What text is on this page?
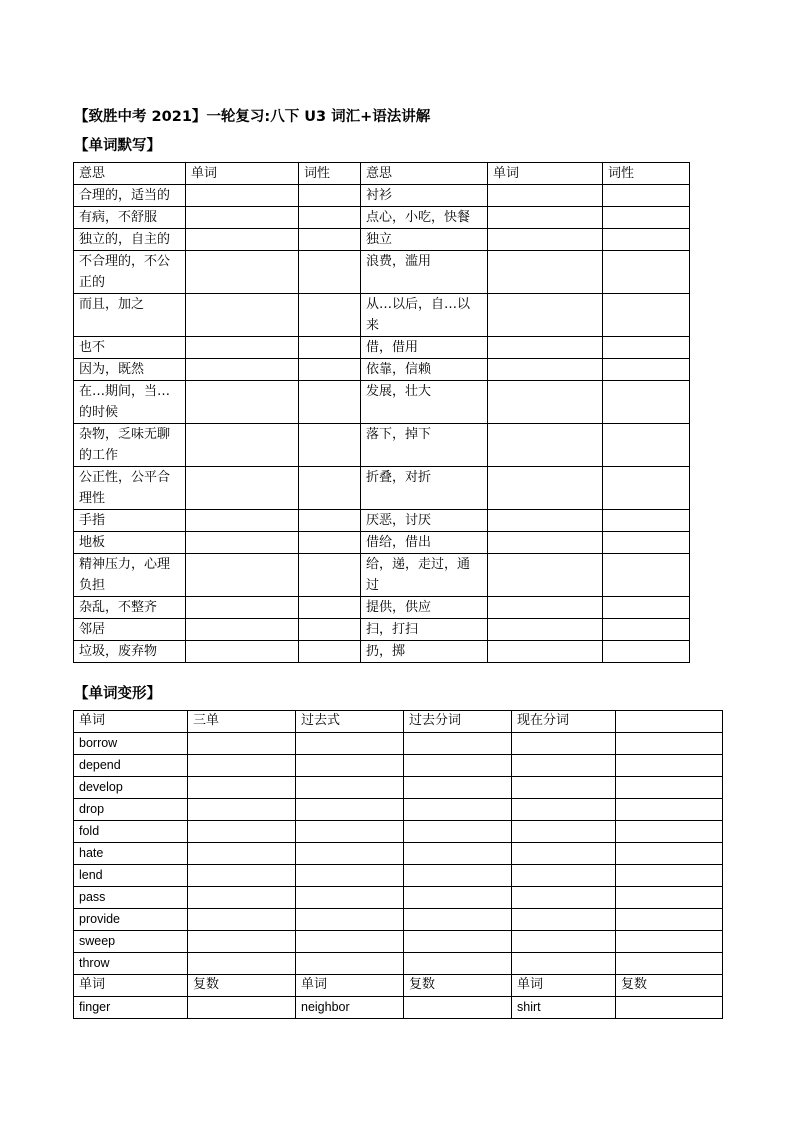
【致胜中考 2021】一轮复习:八下 U3 词汇+语法讲解
【单词默写】
意思	单词	词性	意思	单词	词性
合理的，适当的			衬衫		
有病，不舒服			点心，小吃，快餐		
独立的，自主的			独立		
不合理的，不公正的			浪费，滥用		
而且，加之			从…以后，自…以来		
也不			借，借用		
因为，既然			依靠，信赖		
在…期间，当…的时候			发展，壮大		
杂物，乏味无聊的工作			落下，掉下		
公正性，公平合理性			折叠，对折		
手指			厌恶，讨厌		
地板			借给，借出		
精神压力，心理负担			给，递，走过，通过		
杂乱，不整齐			提供，供应		
邻居			扫，打扫		
垃圾，废弃物			扔，掷		
【单词变形】
单词	三单	过去式	过去分词	现在分词	
borrow					
depend					
develop					
drop					
fold					
hate					
lend					
pass					
provide					
sweep					
throw					
单词	复数	单词	复数	单词	复数
finger		neighbor		shirt	
